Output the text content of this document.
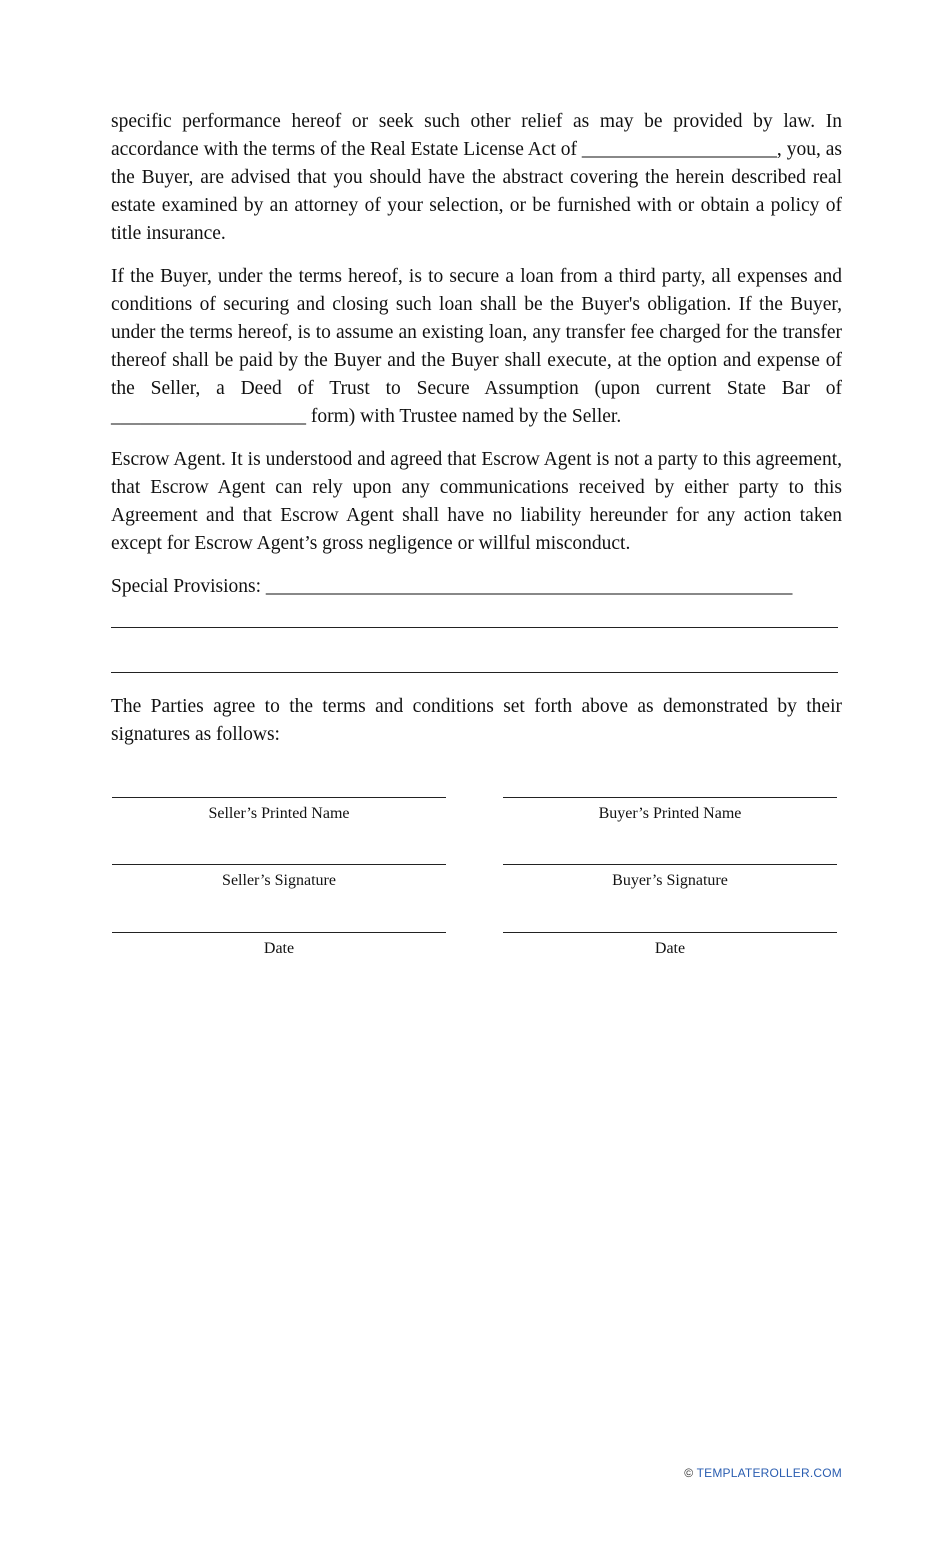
specific performance hereof or seek such other relief as may be provided by law. In accordance with the terms of the Real Estate License Act of ____________________, you, as the Buyer, are advised that you should have the abstract covering the herein described real estate examined by an attorney of your selection, or be furnished with or obtain a policy of title insurance.

If the Buyer, under the terms hereof, is to secure a loan from a third party, all expenses and conditions of securing and closing such loan shall be the Buyer's obligation. If the Buyer, under the terms hereof, is to assume an existing loan, any transfer fee charged for the transfer thereof shall be paid by the Buyer and the Buyer shall execute, at the option and expense of the Seller, a Deed of Trust to Secure Assumption (upon current State Bar of ____________________ form) with Trustee named by the Seller.

Escrow Agent. It is understood and agreed that Escrow Agent is not a party to this agreement, that Escrow Agent can rely upon any communications received by either party to this Agreement and that Escrow Agent shall have no liability hereunder for any action taken except for Escrow Agent’s gross negligence or willful misconduct.

Special Provisions: ______________________________________________________

The Parties agree to the terms and conditions set forth above as demonstrated by their signatures as follows:

Seller’s Printed Name	Buyer’s Printed Name
Seller’s Signature	Buyer’s Signature
Date	Date
© TEMPLATEROLLER.COM
